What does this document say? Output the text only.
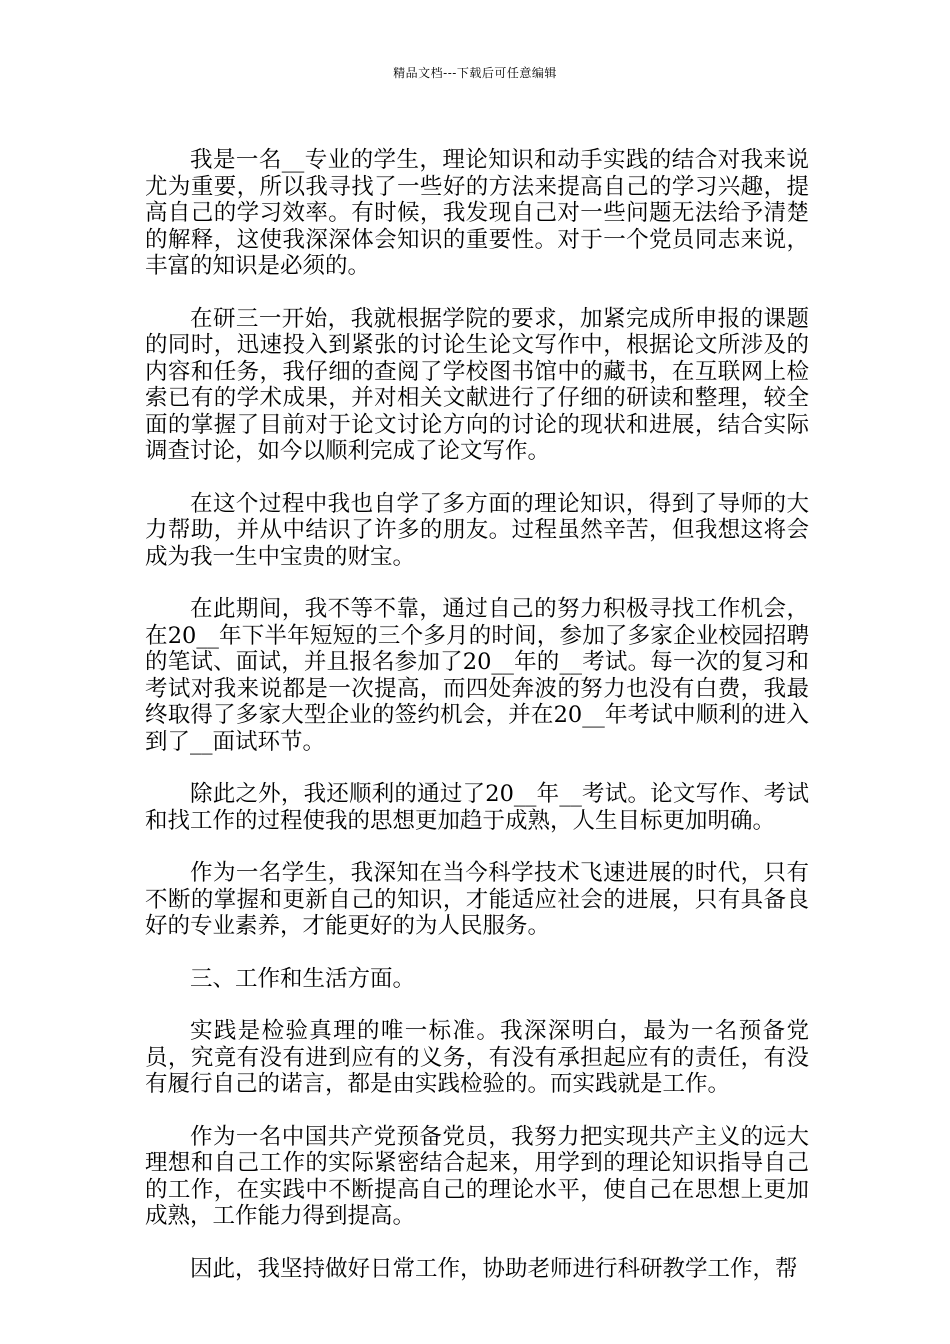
精品文档---下载后可任意编辑

我是一名__专业的学生，理论知识和动手实践的结合对我来说尤为重要，所以我寻找了一些好的方法来提高自己的学习兴趣，提高自己的学习效率。有时候，我发现自己对一些问题无法给予清楚的解释，这使我深深体会知识的重要性。对于一个党员同志来说，丰富的知识是必须的。

在研三一开始，我就根据学院的要求，加紧完成所申报的课题的同时，迅速投入到紧张的讨论生论文写作中，根据论文所涉及的内容和任务，我仔细的查阅了学校图书馆中的藏书，在互联网上检索已有的学术成果，并对相关文献进行了仔细的研读和整理，较全面的掌握了目前对于论文讨论方向的讨论的现状和进展，结合实际调查讨论，如今以顺利完成了论文写作。

在这个过程中我也自学了多方面的理论知识，得到了导师的大力帮助，并从中结识了许多的朋友。过程虽然辛苦，但我想这将会成为我一生中宝贵的财宝。

在此期间，我不等不靠，通过自己的努力积极寻找工作机会，在20__年下半年短短的三个多月的时间，参加了多家企业校园招聘的笔试、面试，并且报名参加了20__年的__考试。每一次的复习和考试对我来说都是一次提高，而四处奔波的努力也没有白费，我最终取得了多家大型企业的签约机会，并在20__年考试中顺利的进入到了__面试环节。

除此之外，我还顺利的通过了20__年__考试。论文写作、考试和找工作的过程使我的思想更加趋于成熟，人生目标更加明确。

作为一名学生，我深知在当今科学技术飞速进展的时代，只有不断的掌握和更新自己的知识，才能适应社会的进展，只有具备良好的专业素养，才能更好的为人民服务。

三、工作和生活方面。

实践是检验真理的唯一标准。我深深明白，最为一名预备党员，究竟有没有进到应有的义务，有没有承担起应有的责任，有没有履行自己的诺言，都是由实践检验的。而实践就是工作。

作为一名中国共产党预备党员，我努力把实现共产主义的远大理想和自己工作的实际紧密结合起来，用学到的理论知识指导自己的工作，在实践中不断提高自己的理论水平，使自己在思想上更加成熟，工作能力得到提高。

因此，我坚持做好日常工作，协助老师进行科研教学工作，帮
